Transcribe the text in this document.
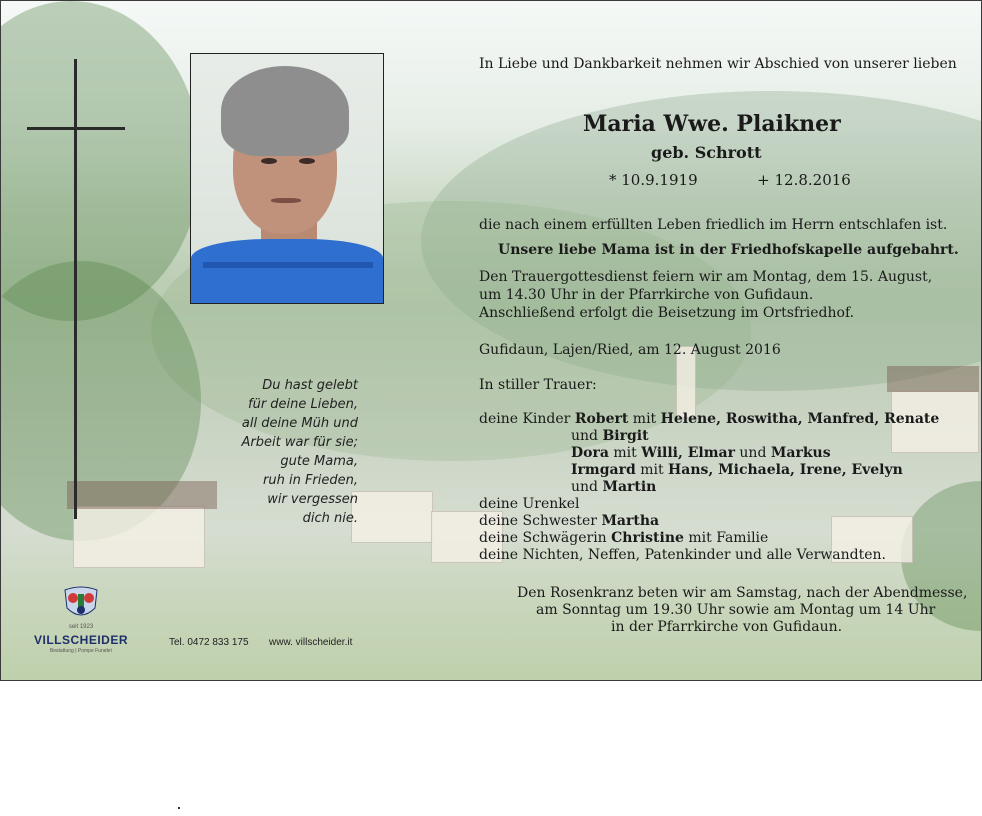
Du hast gelebt
für deine Lieben,
all deine Müh und
Arbeit war für sie;
gute Mama,
ruh in Frieden,
wir vergessen
dich nie.
In Liebe und Dankbarkeit nehmen wir Abschied von unserer lieben
Maria Wwe. Plaikner
geb. Schrott
* 10.9.1919	+ 12.8.2016
die nach einem erfüllten Leben friedlich im Herrn entschlafen ist.
Unsere liebe Mama ist in der Friedhofskapelle aufgebahrt.
Den Trauergottesdienst feiern wir am Montag, dem 15. August,
um 14.30 Uhr in der Pfarrkirche von Gufidaun.
Anschließend erfolgt die Beisetzung im Ortsfriedhof.
Gufidaun, Lajen/Ried, am 12. August 2016
In stiller Trauer:
deine Kinder Robert mit Helene, Roswitha, Manfred, Renate
und Birgit
Dora mit Willi, Elmar und Markus
Irmgard mit Hans, Michaela, Irene, Evelyn
und Martin
deine Urenkel
deine Schwester Martha
deine Schwägerin Christine mit Familie
deine Nichten, Neffen, Patenkinder und alle Verwandten.
Den Rosenkranz beten wir am Samstag, nach der Abendmesse,
am Sonntag um 19.30 Uhr sowie am Montag um 14 Uhr
in der Pfarrkirche von Gufidaun.
seit 1923
VILLSCHEIDER
Bestattung | Pompe Funebri
Tel. 0472 833 175 www. villscheider.it
